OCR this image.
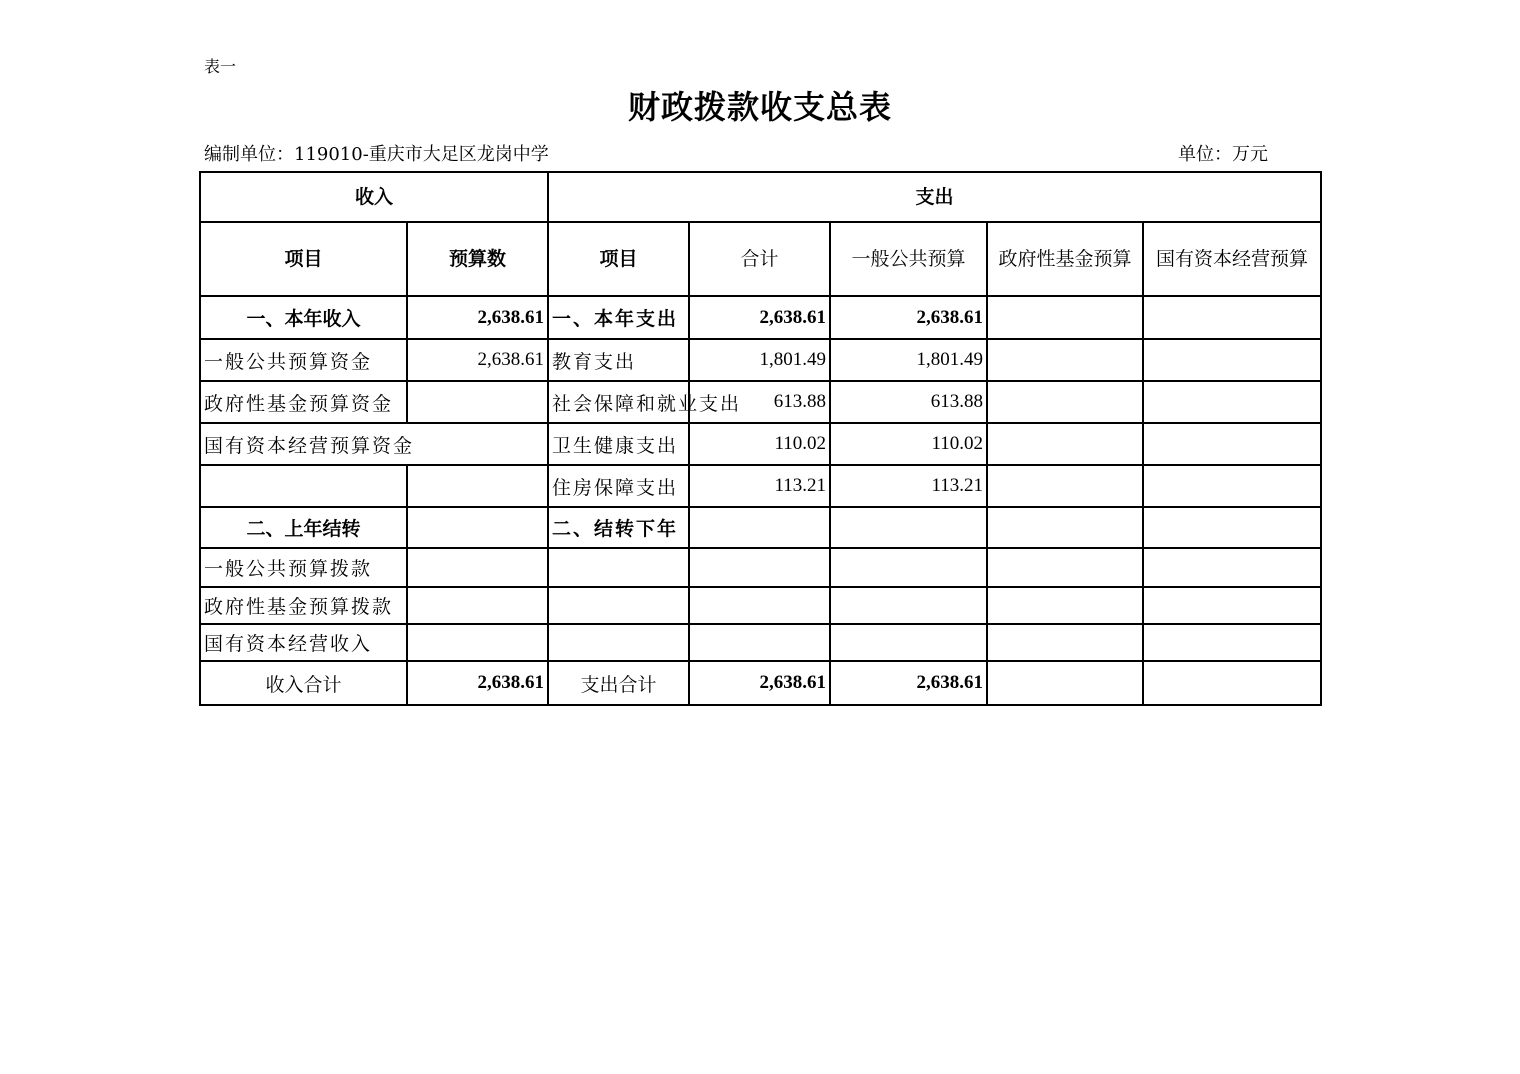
表一
财政拨款收支总表
编制单位：119010-重庆市大足区龙岗中学	单位：万元
收入		支出				
项目	预算数	项目	合计	一般公共预算	政府性基金预算	国有资本经营预算
一、本年收入	2,638.61	一、本年支出	2,638.61	2,638.61		
一般公共预算资金	2,638.61	教育支出	1,801.49	1,801.49		
政府性基金预算资金		社会保障和就业支出	613.88	613.88		
国有资本经营预算资金		卫生健康支出	110.02	110.02		
		住房保障支出	113.21	113.21		
二、上年结转		二、结转下年				
一般公共预算拨款						
政府性基金预算拨款						
国有资本经营收入						
收入合计	2,638.61	支出合计	2,638.61	2,638.61		
